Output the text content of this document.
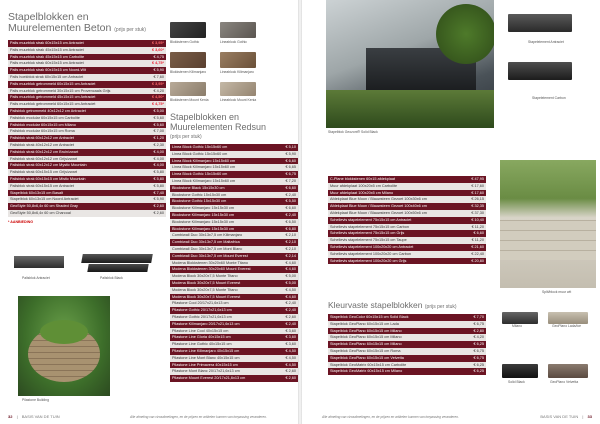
Stapelblokken en
Muurelementen Beton (prijs per stuk)
Palis muurblok strak 60x15x15 cm Antraciet	€ 3,95*
Palis muurblok strak 45x15x15 cm Antraciet	€ 3,60*
Palis muurblok strak 45x15x15 cm Carbolite	€ 4,75
Palis muurblok strak 60x15x15 cm Antraciet	€ 4,75*
Palis muurblok strak 60x15x15 cm Noord-Wit	€ 5,90
Palis hoekblok strak 60x15x15 cm Antraciet	€ 7,60
Palis muurblok getrommeld 60x15x15 cm Antraciet	€ 3,95*
Palis muurblok getrommeld 30x15x15 cm Provencaals Grijs	€ 4,20
Palis muurblok getrommeld 45x15x15 cm Antraciet	€ 4,50*
Palis muurblok getrommeld 60x15x15 cm Antraciet	€ 4,75*
Palisblok getrommeld 40x12x12 cm Antraciet	€ 5,00
Palisblok modular 60x15x15 cm Carbolite	€ 5,60
Palisblok modular 60x15x15 cm Milano	€ 5,60
Palisblok modular 60x15x15 cm Roma	€ 7,00
Palisblok strak 60x12x12 cm Antraciet	€ 1,20
Palisblok strak 40x12x12 cm Antraciet	€ 2,30
Palisblok strak 60x12x12 cm Bruin/zwart	€ 4,00
Palisblok strak 60x12x12 cm Grijs/zwart	€ 4,00
Palisblok strak 60x12x12 cm Mystic Mountain	€ 4,00
Palisblok strak 60x15x15 cm Grijs/zwart	€ 5,80
Palisblok strak 60x15x15 cm Mistic Mountain	€ 5,80
Palisblok strak 60x15x15 cm Antraciet	€ 5,80
Stapelblok 60x13x15 cm Basalt	€ 7,40
Stapelblok 60x13x15 cm Noord Antraciet	€ 5,90
GeoStyle 50,8x6,4x 60 cm Shaded Gray	€ 2,60
GeoStyle 50,8x6,4x 60 cm Charcoal	€ 2,60
* AANBIEDING
Blokkstenen Gothic	Lineablock Gothic
Blokkstenen Kilimanjaro	Lineablock Kilimanjaro
Blokkstenen Mount Kenia	Lineablock Mount Kenia
Stapelblokken en
Muurelementen Redsun
(prijs per stuk)
Linea Block Gothic 15x15x60 cm	€ 5,10
Linea Block Gothic 15x15x60 cm	€ 5,90
Linea Block Kilimanjaro 15x15x60 cm	€ 6,60
Linea Block Kilimanjaro 15x15x60 cm	€ 6,65
Linea Block Gothic 15x15x60 cm	€ 6,75
Linea Block Kilimanjaro 15x15x60 cm	€ 7,20
Blockstone Black 15x15x30 cm	€ 6,60
Blockstone Gothic 15x15x30 cm	€ 2,40
Blockstone Gothic 15x15x30 cm	€ 5,50
Blockstone Kilimanjaro 15x15x30 cm	€ 6,60
Blockstone Kilimanjaro 15x15x30 cm	€ 2,40
Blockstone Kilimanjaro 15x15x30 cm	€ 6,50
Blockstone Kilimanjaro 15x15x30 cm	€ 6,80
Combiwall Duo 30x13x7,5 cm Kilimanjaro	€ 2,10
Combiwall Duo 30x13x7,5 cm Maltafrica	€ 2,10
Combiwall Duo 30x13x7,5 cm Mont Blanc	€ 2,10
Combiwall Duo 30x13x7,5 cm Mount Everest	€ 2,14
Modena Blokkstenen 30x20x60 Monte Titano	€ 4,60
Modena Blokkstenen 30x20x60 Mount Everest	€ 4,60
Modena Block 30x20x7,5 Monte Titano	€ 5,00
Modena Block 30x20x7,5 Mount Everest	€ 5,00
Modena Block 30x20x7,5 Monte Titano	€ 4,50
Modena Block 30x20x7,5 Mount Everest	€ 4,60
Pilastone Cool 20/17x21,6x13 cm	€ 2,40
Pilastone Gothic 20/17x21,6x13 cm	€ 2,40
Pilastone Gothic 20/17x21,6x13 cm	€ 2,60
Pilastone Kilimanjaro 20/17x21,6x13 cm	€ 2,40
Pilastone Line Cool 40x15x15 cm	€ 3,60
Pilastone Line Gloria 40x15x15 cm	€ 3,60
Pilastone Line Gothic 40x15x15 cm	€ 3,60
Pilastone Line Kilimanjaro 40x15x15 cm	€ 4,50
Pilastone Line Mont Blanc 40x15x15 cm	€ 4,50
Pilastone Line Primavera 40x15x15 cm	€ 4,50
Pilastone Mont Blanc 20/17x21,6x13 cm	€ 2,60
Pilastone Mount Everest 20/17x21,6x13 cm	€ 2,60
Palisblok Antraciet	Palisblok Black
Pilastone Building
32 | BASIS VAN DE TUIN	Alle afmeting van circaafmetingen, en de prijzen en artikelen kunnen van toepassing veranderen.
Stapelblok Geozont® Solid Black
Stapelelement Antraciet
Stapelelement Carbon
C-Plane blokkstenen 60x15 afdekplaat	€ 47,95
Muur afdekplaat 100x20x5 cm Carbolite	€ 17,60
Muur afdekplaat 100x20x5 cm Milano	€ 17,60
Afdekplaat Blue Moon / Blauwsteen Gezoet 100x30x6 cm	€ 26,15
Afdekplaat Blue Moon / Blauwsteen Gezoet 100x40x6 cm	€ 32,35
Afdekplaat Blue Moon / Blauwsteen Gezoet 100x50x6 cm	€ 37,30
Schellevis stapelelement 75x15x15 cm Antraciet	€ 10,40
Schellevis stapelelement 75x15x15 cm Carbon	€ 11,20
Schellevis stapelelement 75x15x15 cm Grijs	€ 6,60
Schellevis stapelelement 75x15x15 cm Taupe	€ 11,20
Schellevis stapelelement 100x20x20 cm Antraciet	€ 21,60
Schellevis stapelelement 100x20x20 cm Carbon	€ 22,40
Schellevis stapelelement 100x20x20 cm Grijs	€ 20,80
Split/block muur wit
Kleurvaste stapelblokken (prijs per stuk)
Stapelblok GeoColor 60x15x15 cm Solid Black	€ 7,70
Stapelblok GeoPlano 60x15x15 cm Lada	€ 6,75
Stapelblok GeoPlano 60x15x15 cm Milano	€ 2,80
Stapelblok GeoPlano 60x15x15 cm Milano	€ 4,20
Stapelblok GeoPlano 60x15x15 cm Milano	€ 6,25
Stapelblok GeoPlano 60x15x15 cm Roma	€ 6,75
Stapelblok GeoPlano 60x15x15 cm Velvetta	€ 6,75
Stapelblok GeoMatrix 60x15x15 cm Carbolite	€ 6,25
Stapelblok GeoMatrix 60x15x15 cm Milano	€ 6,25
Milano	GeoPlano Lada/Ice
Solid Black	GeoPlano Velvetta
Alle afmeting van circaafmetingen, en de prijzen en artikelen kunnen van toepassing veranderen.	BASIS VAN DE TUIN | 33
